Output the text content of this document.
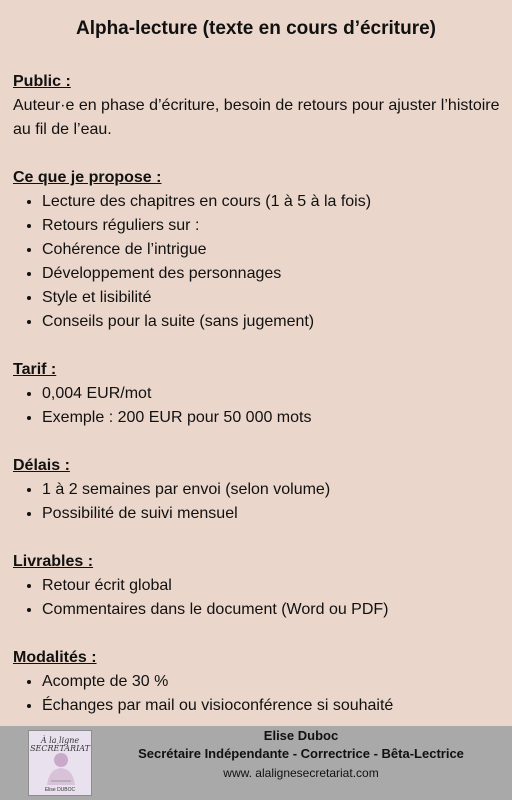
Alpha-lecture (texte en cours d’écriture)
Public :
Auteur·e en phase d’écriture, besoin de retours pour ajuster l’histoire au fil de l’eau.
Ce que je propose :
• Lecture des chapitres en cours (1 à 5 à la fois)
• Retours réguliers sur :
• Cohérence de l’intrigue
• Développement des personnages
• Style et lisibilité
• Conseils pour la suite (sans jugement)
Tarif :
• 0,004 EUR/mot
• Exemple : 200 EUR pour 50 000 mots
Délais :
• 1 à 2 semaines par envoi (selon volume)
• Possibilité de suivi mensuel
Livrables :
• Retour écrit global
• Commentaires dans le document (Word ou PDF)
Modalités :
• Acompte de 30 %
• Échanges par mail ou visioconférence si souhaité
À la ligne SECRÉTARIAT
Elise DUBOC
Elise Duboc
Secrétaire Indépendante - Correctrice - Bêta-Lectrice
www. alalignesecretariat.com
